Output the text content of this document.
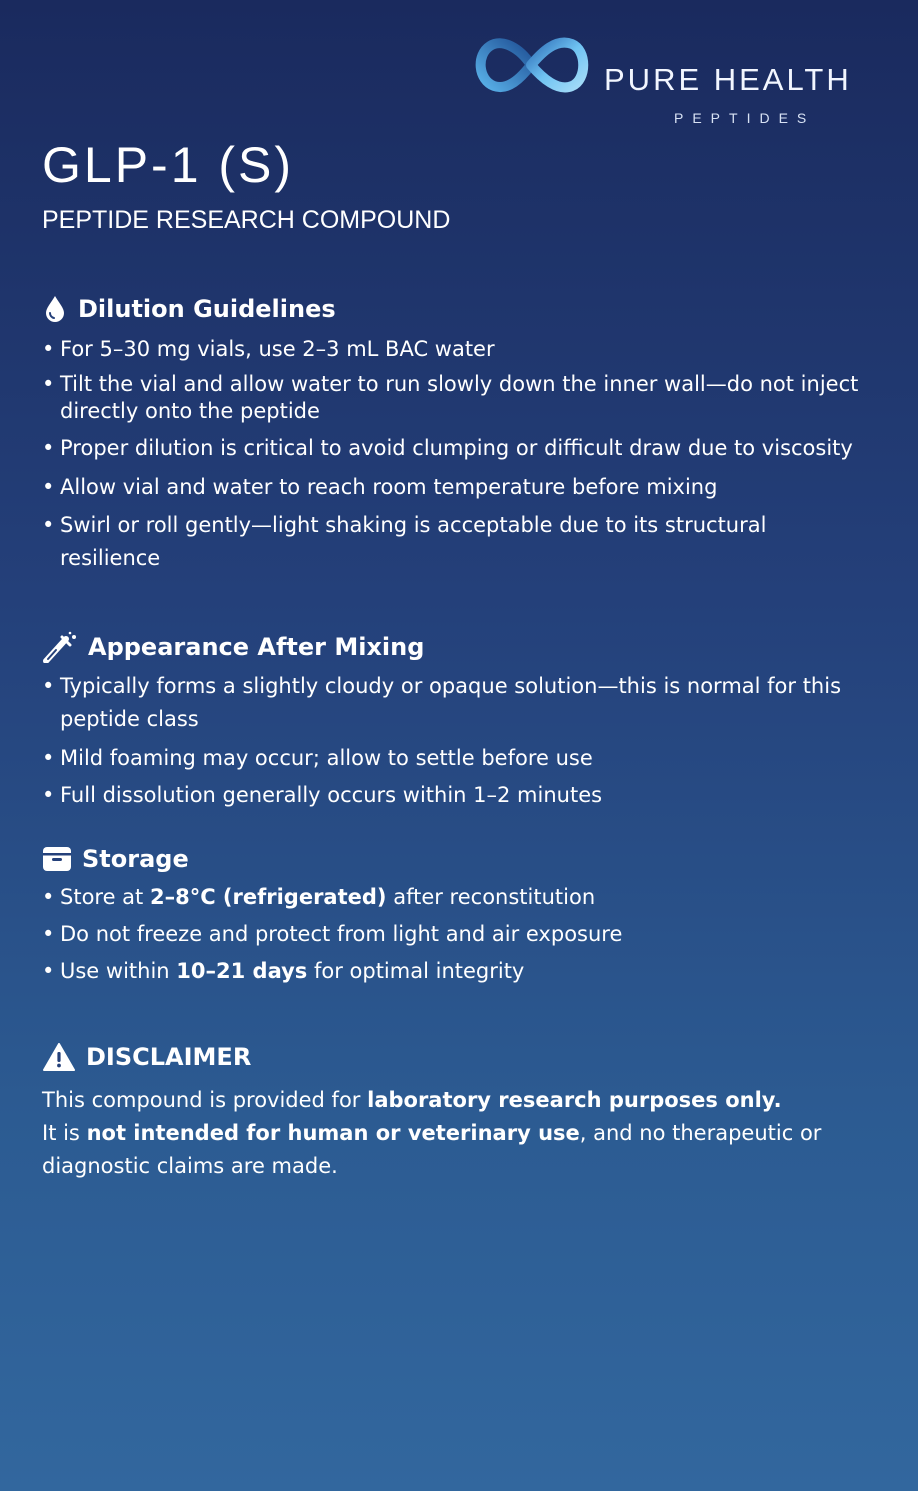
PURE HEALTH
PEPTIDES
GLP-1 (S)
PEPTIDE RESEARCH COMPOUND
Dilution Guidelines
• For 5–30 mg vials, use 2–3 mL BAC water
• Tilt the vial and allow water to run slowly down the inner wall—do not inject directly onto the peptide
• Proper dilution is critical to avoid clumping or difficult draw due to viscosity
• Allow vial and water to reach room temperature before mixing
• Swirl or roll gently—light shaking is acceptable due to its structural resilience
Appearance After Mixing
• Typically forms a slightly cloudy or opaque solution—this is normal for this peptide class
• Mild foaming may occur; allow to settle before use
• Full dissolution generally occurs within 1–2 minutes
Storage
• Store at 2–8°C (refrigerated) after reconstitution
• Do not freeze and protect from light and air exposure
• Use within 10–21 days for optimal integrity
DISCLAIMER
This compound is provided for laboratory research purposes only.
It is not intended for human or veterinary use, and no therapeutic or diagnostic claims are made.
